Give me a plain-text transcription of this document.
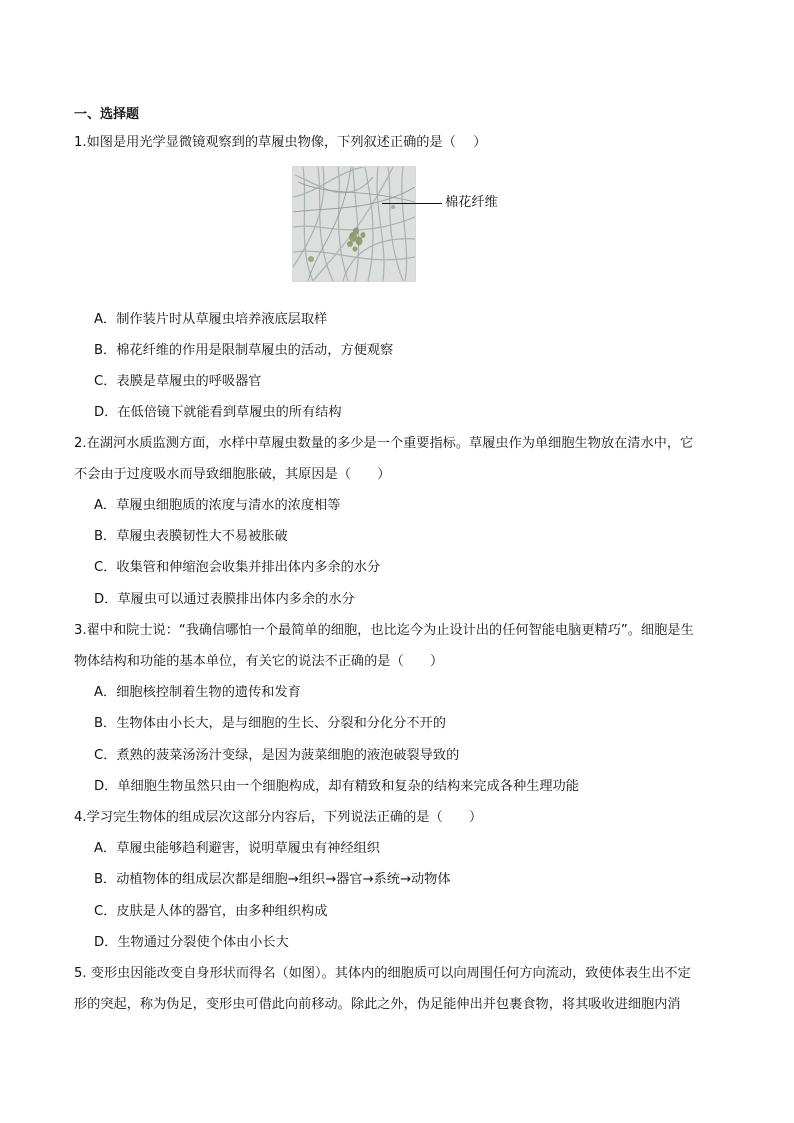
一、选择题
1.如图是用光学显微镜观察到的草履虫物像，下列叙述正确的是（　 ）
棉花纤维
A．制作装片时从草履虫培养液底层取样
B．棉花纤维的作用是限制草履虫的活动，方便观察
C．表膜是草履虫的呼吸器官
D．在低倍镜下就能看到草履虫的所有结构
2.在湖河水质监测方面，水样中草履虫数量的多少是一个重要指标。草履虫作为单细胞生物放在清水中，它
不会由于过度吸水而导致细胞胀破，其原因是（　　）
A．草履虫细胞质的浓度与清水的浓度相等
B．草履虫表膜韧性大不易被胀破
C．收集管和伸缩泡会收集并排出体内多余的水分
D．草履虫可以通过表膜排出体内多余的水分
3.翟中和院士说：“我确信哪怕一个最简单的细胞，也比迄今为止设计出的任何智能电脑更精巧”。细胞是生
物体结构和功能的基本单位，有关它的说法不正确的是（　　）
A．细胞核控制着生物的遗传和发育
B．生物体由小长大，是与细胞的生长、分裂和分化分不开的
C．煮熟的菠菜汤汤汁变绿，是因为菠菜细胞的液泡破裂导致的
D．单细胞生物虽然只由一个细胞构成，却有精致和复杂的结构来完成各种生理功能
4.学习完生物体的组成层次这部分内容后，下列说法正确的是（　　）
A．草履虫能够趋利避害，说明草履虫有神经组织
B．动植物体的组成层次都是细胞→组织→器官→系统→动物体
C．皮肤是人体的器官，由多种组织构成
D．生物通过分裂使个体由小长大
5. 变形虫因能改变自身形状而得名（如图）。其体内的细胞质可以向周围任何方向流动，致使体表生出不定
形的突起，称为伪足，变形虫可借此向前移动。除此之外，伪足能伸出并包裹食物，将其吸收进细胞内消
